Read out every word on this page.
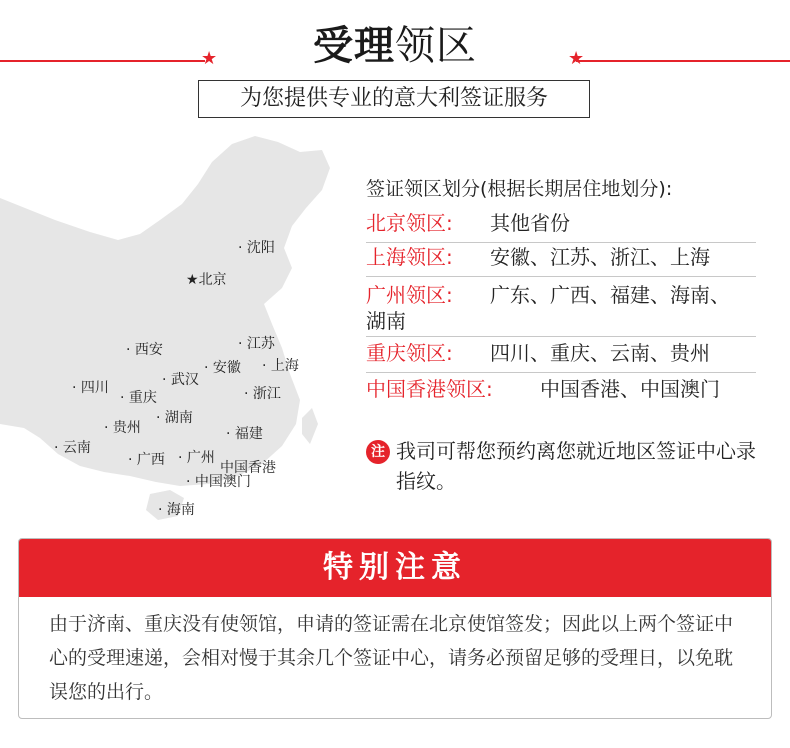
受理领区
★	★
为您提供专业的意大利签证服务
· 沈阳
★北京
· 西安	· 江苏
· 安徽 · 上海
· 武汉
· 四川
· 重庆	· 浙江
· 湖南
· 贵州	· 福建
· 云南
· 广西 · 广州
中国香港
· 中国澳门
· 海南
签证领区划分(根据长期居住地划分):
北京领区: 其他省份
上海领区: 安徽、江苏、浙江、上海
广州领区: 广东、广西、福建、海南、
湖南
重庆领区: 四川、重庆、云南、贵州
中国香港领区: 中国香港、中国澳门
注 我司可帮您预约离您就近地区签证中心录指纹。
特别注意
由于济南、重庆没有使领馆，申请的签证需在北京使馆签发；因此以上两个签证中心的受理速递，会相对慢于其余几个签证中心，请务必预留足够的受理日，以免耽误您的出行。
